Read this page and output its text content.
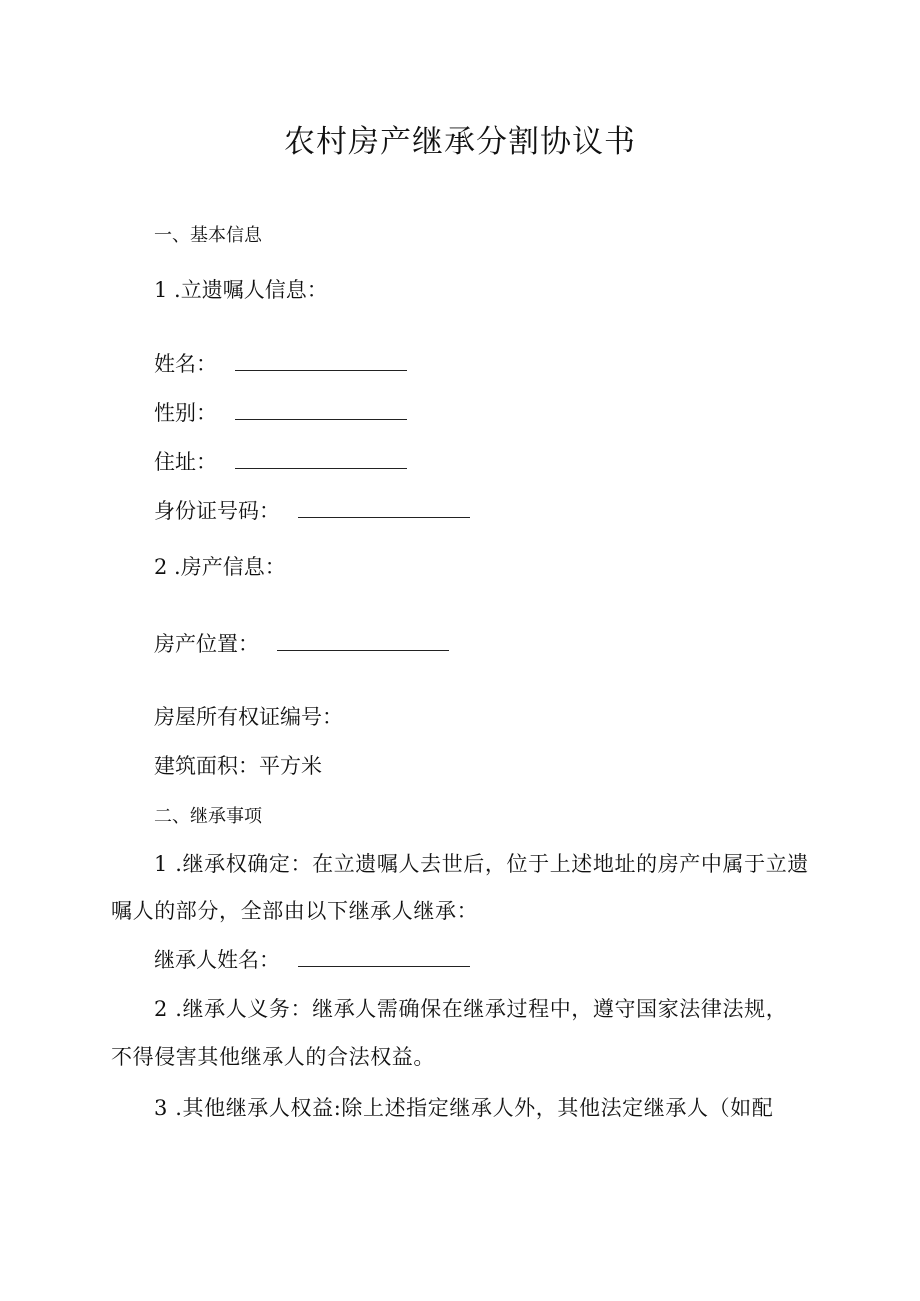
农村房产继承分割协议书
一、基本信息
1 .立遗嘱人信息：
姓名：
性别：
住址：
身份证号码：
2 .房产信息：
房产位置：
房屋所有权证编号：
建筑面积：平方米
二、继承事项
1 .继承权确定：在立遗嘱人去世后，位于上述地址的房产中属于立遗
嘱人的部分，全部由以下继承人继承：
继承人姓名：
2 .继承人义务：继承人需确保在继承过程中，遵守国家法律法规，
不得侵害其他继承人的合法权益。
3 .其他继承人权益:除上述指定继承人外，其他法定继承人（如配
